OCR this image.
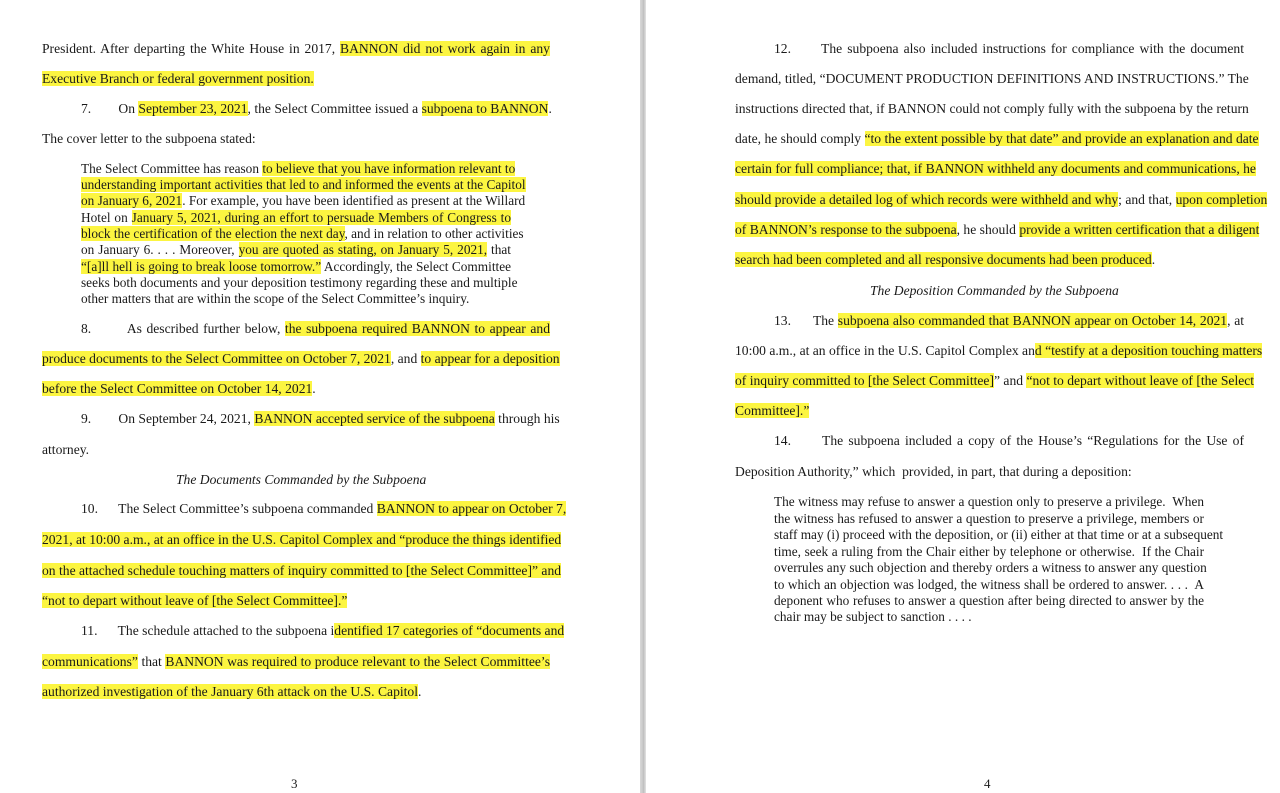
President. After departing the White House in 2017, BANNON did not work again in any

Executive Branch or federal government position.

7.        On September 23, 2021, the Select Committee issued a subpoena to BANNON.

The cover letter to the subpoena stated:

The Select Committee has reason to believe that you have information relevant to

understanding important activities that led to and informed the events at the Capitol

on January 6, 2021. For example, you have been identified as present at the Willard

Hotel on January 5, 2021, during an effort to persuade Members of Congress to

block the certification of the election the next day, and in relation to other activities

on January 6. . . . Moreover, you are quoted as stating, on January 5, 2021, that

“[a]ll hell is going to break loose tomorrow.” Accordingly, the Select Committee

seeks both documents and your deposition testimony regarding these and multiple

other matters that are within the scope of the Select Committee’s inquiry.

8.        As described further below, the subpoena required BANNON to appear and

produce documents to the Select Committee on October 7, 2021, and to appear for a deposition

before the Select Committee on October 14, 2021.

9.        On September 24, 2021, BANNON accepted service of the subpoena through his

attorney.

The Documents Commanded by the Subpoena

10.      The Select Committee’s subpoena commanded BANNON to appear on October 7,

2021, at 10:00 a.m., at an office in the U.S. Capitol Complex and “produce the things identified

on the attached schedule touching matters of inquiry committed to [the Select Committee]” and

“not to depart without leave of [the Select Committee].”

11.      The schedule attached to the subpoena identified 17 categories of “documents and

communications” that BANNON was required to produce relevant to the Select Committee’s

authorized investigation of the January 6th attack on the U.S. Capitol.

3

12.      The subpoena also included instructions for compliance with the document

demand, titled, “DOCUMENT PRODUCTION DEFINITIONS AND INSTRUCTIONS.” The

instructions directed that, if BANNON could not comply fully with the subpoena by the return

date, he should comply “to the extent possible by that date” and provide an explanation and date

certain for full compliance; that, if BANNON withheld any documents and communications, he

should provide a detailed log of which records were withheld and why; and that, upon completion

of BANNON’s response to the subpoena, he should provide a written certification that a diligent

search had been completed and all responsive documents had been produced.

The Deposition Commanded by the Subpoena

13.      The subpoena also commanded that BANNON appear on October 14, 2021, at

10:00 a.m., at an office in the U.S. Capitol Complex and “testify at a deposition touching matters

of inquiry committed to [the Select Committee]” and “not to depart without leave of [the Select

Committee].”

14.      The subpoena included a copy of the House’s “Regulations for the Use of

Deposition Authority,” which  provided, in part, that during a deposition:

The witness may refuse to answer a question only to preserve a privilege.  When

the witness has refused to answer a question to preserve a privilege, members or

staff may (i) proceed with the deposition, or (ii) either at that time or at a subsequent

time, seek a ruling from the Chair either by telephone or otherwise.  If the Chair

overrules any such objection and thereby orders a witness to answer any question

to which an objection was lodged, the witness shall be ordered to answer. . . .  A

deponent who refuses to answer a question after being directed to answer by the

chair may be subject to sanction . . . .

4
